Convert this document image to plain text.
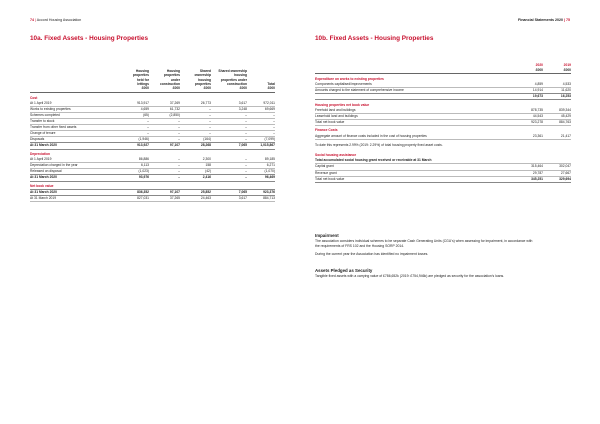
74 | Accord Housing Association	Financial Statements 2020 | 75
10a. Fixed Assets - Housing Properties	10b. Fixed Assets - Housing Properties
	Housing
properties
held for
lettings	Housing
properties
under
construction	Shared
ownership
housing
properties	Shared ownership
housing
properties under
construction	Total
	£000	£000	£000	£000	£000
Cost					
At 1 April 2019	913,917	37,269	26,773	3,617	972,011
Works to existing properties	4,659	61,732	–	3,248	69,669
Schemes completed	(65)	(2,850)	–	–	–
Transfer to stock	–	–	–	–	–
Transfer from other fixed assets	–	–	–	–	–
Change of tenure	–	–	–	–	–
Disposals	(1,946)	–	(164)	–	(7,099)
At 31 March 2020	913,927	97,107	28,268	7,065	1,015,867
Depreciation					
At 1 April 2019	86,886	–	2,300	–	89,185
Depreciation charged in the year	6,113	–	158	–	6,271
Released on disposal	(1,023)	–	(42)	–	(1,070)
At 31 March 2020	93,976	–	2,416	–	96,469
Net book value					
At 31 March 2020	836,352	97,107	25,852	7,065	923,376
At 31 March 2019	827,031	37,265	24,463	3,617	884,713
	2020	2019
	£000	£000
Expenditure on works to existing properties		
Components capitalised/improvements	4,859	4,533
Amounts charged to the statement of comprehensive income	14,914	11,620
	19,673	16,253
Housing properties net book value		
Freehold land and buildings	878,735	839,344
Leasehold land and buildings	44,543	45,429
Total net book value	923,278	884,763
Finance Costs		
Aggregate amount of finance costs included in the cost of housing properties	23,361	21,417
To date this represents 2.99% (2019: 2.29%) of total housing property fixed asset costs.		
Social housing assistance		
Total accumulated social housing grant received or receivable at 31 March		
Capital grant	315,464	302,047
Revenue grant	29,787	27,667
Total net book value	345,251	329,694
Impairment

The association considers individual schemes to be separate Cash Generating Units (CGU’s) when assessing for impairment, in accordance with the requirements of FRS 102 and the Housing SORP 2014.

During the current year the Association has identified no impairment losses.

Assets Pledged as Security

Tangible fixed assets with a carrying value of £786,652k (2019: £754,946k) are pledged as security for the association’s loans.
